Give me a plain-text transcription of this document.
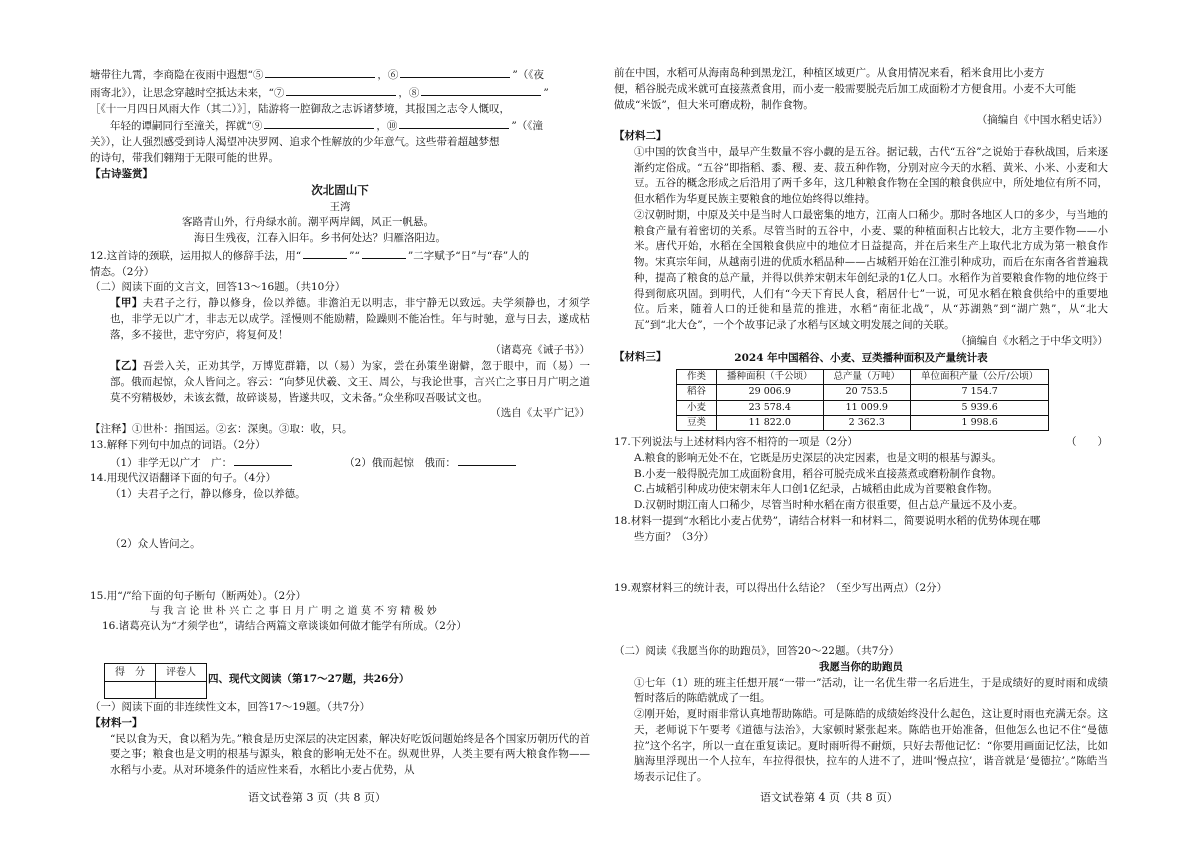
塘带往九霄，李商隐在夜雨中遐想“⑤	，⑥	”（《夜
雨寄北》），让思念穿越时空抵达未来，“⑦	，⑧	”
［《十一月四日风雨大作（其二）》］，陆游将一腔御敌之志诉诸梦境，其报国之志令人慨叹，
年轻的谭嗣同行至潼关，挥就“⑨	，⑩	”（《潼
关》），让人强烈感受到诗人渴望冲决罗网、追求个性解放的少年意气。这些带着超越梦想
的诗句，带我们翱翔于无限可能的世界。
【古诗鉴赏】
次北固山下
王湾
客路青山外，行舟绿水前。潮平两岸阔，风正一帆悬。
海日生残夜，江春入旧年。乡书何处达？归雁洛阳边。
12.这首诗的颈联，运用拟人的修辞手法，用“	”“	”二字赋予“日”与“春”人的
情态。（2分）
（二）阅读下面的文言文，回答13～16题。（共10分）

【甲】夫君子之行，静以修身，俭以养德。非澹泊无以明志，非宁静无以致远。夫学须静也，才须学也，非学无以广才，非志无以成学。淫慢则不能励精，险躁则不能冶性。年与时驰，意与日去，遂成枯落，多不接世，悲守穷庐，将复何及！

（诸葛亮《诫子书》）

【乙】吾尝入关，正劝其学，万博览群籍，以（易）为家，尝在孙策坐谢僻，忽于眼中，而（易）一部。俄而起惊，众人皆问之。容云：“向梦见伏羲、文王、周公，与我论世事，言兴亡之事日月广明之道莫不穷精极妙，未该玄微，故碎谈易，皆遂共叹，文未备。”众坐称叹吾吸试文也。

（选自《太平广记》）
【注释】①世朴：指国运。②玄：深奥。③取：收，只。
13.解释下列句中加点的词语。（2分）
（1）非学无以广才　广：	（2）俄而起惊　俄而：
14.用现代汉语翻译下面的句子。（4分）
（1）夫君子之行，静以修身，俭以养德。
（2）众人皆问之。
15.用“/”给下面的句子断句（断两处）。（2分）
与 我 言 论 世 朴 兴 亡 之 事 日 月 广 明 之 道 莫 不 穷 精 极 妙
16.诸葛亮认为“才须学也”，请结合两篇文章谈谈如何做才能学有所成。（2分）
得　分	评卷人

四、现代文阅读（第17～27题，共26分）
（一）阅读下面的非连续性文本，回答17～19题。（共7分）
【材料一】

“民以食为天，食以稻为先。”粮食是历史深层的决定因素，解决好吃饭问题始终是各个国家历朝历代的首要之事；粮食也是文明的根基与源头，粮食的影响无处不在。纵观世界，人类主要有两大粮食作物——水稻与小麦。从对环境条件的适应性来看，水稻比小麦占优势，从

语文试卷第 3 页（共 8 页）
前在中国，水稻可从海南岛种到黑龙江，种植区域更广。从食用情况来看，稻米食用比小麦方
便，稻谷脱壳成米就可直接蒸煮食用，而小麦一般需要脱壳后加工成面粉才方便食用。小麦不大可能
做成“米饭”，但大米可磨成粉，制作食物。
（摘编自《中国水稻史话》）
【材料二】

①中国的饮食当中，最早产生数量不容小觑的是五谷。据记载，古代“五谷”之说始于春秋战国，后来逐渐约定俗成。“五谷”即指稻、黍、稷、麦、菽五种作物，分别对应今天的水稻、黄米、小米、小麦和大豆。五谷的概念形成之后沿用了两千多年，这几种粮食作物在全国的粮食供应中，所处地位有所不同，但水稻作为华夏民族主要粮食的地位始终得以维持。

②汉朝时期，中原及关中是当时人口最密集的地方，江南人口稀少。那时各地区人口的多少，与当地的粮食产量有着密切的关系。尽管当时的五谷中，小麦、粟的种植面积占比较大，北方主要作物——小米。唐代开始，水稻在全国粮食供应中的地位才日益提高，并在后来生产上取代北方成为第一粮食作物。宋真宗年间，从越南引进的优质水稻品种——占城稻开始在江淮引种成功，而后在东南各省普遍栽种，提高了粮食的总产量，并得以供养宋朝末年创纪录的1亿人口。水稻作为首要粮食作物的地位终于得到彻底巩固。到明代，人们有“今天下育民人食，稻居什七”一说，可见水稻在粮食供给中的重要地位。后来，随着人口的迁徙和垦荒的推进，水稻“南征北战”，从“苏湖熟”到“湖广熟”，从“北大瓦”到“北大仓”，一个个故事记录了水稻与区域文明发展之间的关联。

（摘编自《水稻之于中华文明》）
【材料三】	2024 年中国稻谷、小麦、豆类播种面积及产量统计表
作类	播种面积（千公顷）	总产量（万吨）	单位面积产量（公斤/公顷）
稻谷	29 006.9	20 753.5	7 154.7
小麦	23 578.4	11 009.9	5 939.6
豆类	11 822.0	2 362.3	1 998.6
17.下列说法与上述材料内容不相符的一项是（2分）	（　　）
A.粮食的影响无处不在，它既是历史深层的决定因素，也是文明的根基与源头。
B.小麦一般得脱壳加工成面粉食用，稻谷可脱壳成米直接蒸煮或磨粉制作食物。
C.占城稻引种成功使宋朝末年人口创1亿纪录，占城稻由此成为首要粮食作物。
D.汉朝时期江南人口稀少，尽管当时种水稻在南方很重要，但占总产量远不及小麦。
18.材料一提到“水稻比小麦占优势”，请结合材料一和材料二，简要说明水稻的优势体现在哪
些方面？（3分）
19.观察材料三的统计表，可以得出什么结论？（至少写出两点）（2分）
（二）阅读《我愿当你的助跑员》，回答20～22题。（共7分）
我愿当你的助跑员

①七年（1）班的班主任想开展“一带一”活动，让一名优生带一名后进生，于是成绩好的夏时雨和成绩暂时落后的陈皓就成了一组。

②刚开始，夏时雨非常认真地帮助陈皓。可是陈皓的成绩始终没什么起色，这让夏时雨也充满无奈。这天，老师说下午要考《道德与法治》，大家顿时紧张起来。陈皓也开始准备，但他怎么也记不住“曼德拉”这个名字，所以一直在重复读记。夏时雨听得不耐烦，只好去帮他记忆：“你要用画面记忆法，比如脑海里浮现出一个人拉车，车拉得很快，拉车的人进不了，进叫‘慢点拉’，谐音就是‘曼德拉’。”陈皓当场表示记住了。

语文试卷第 4 页（共 8 页）
